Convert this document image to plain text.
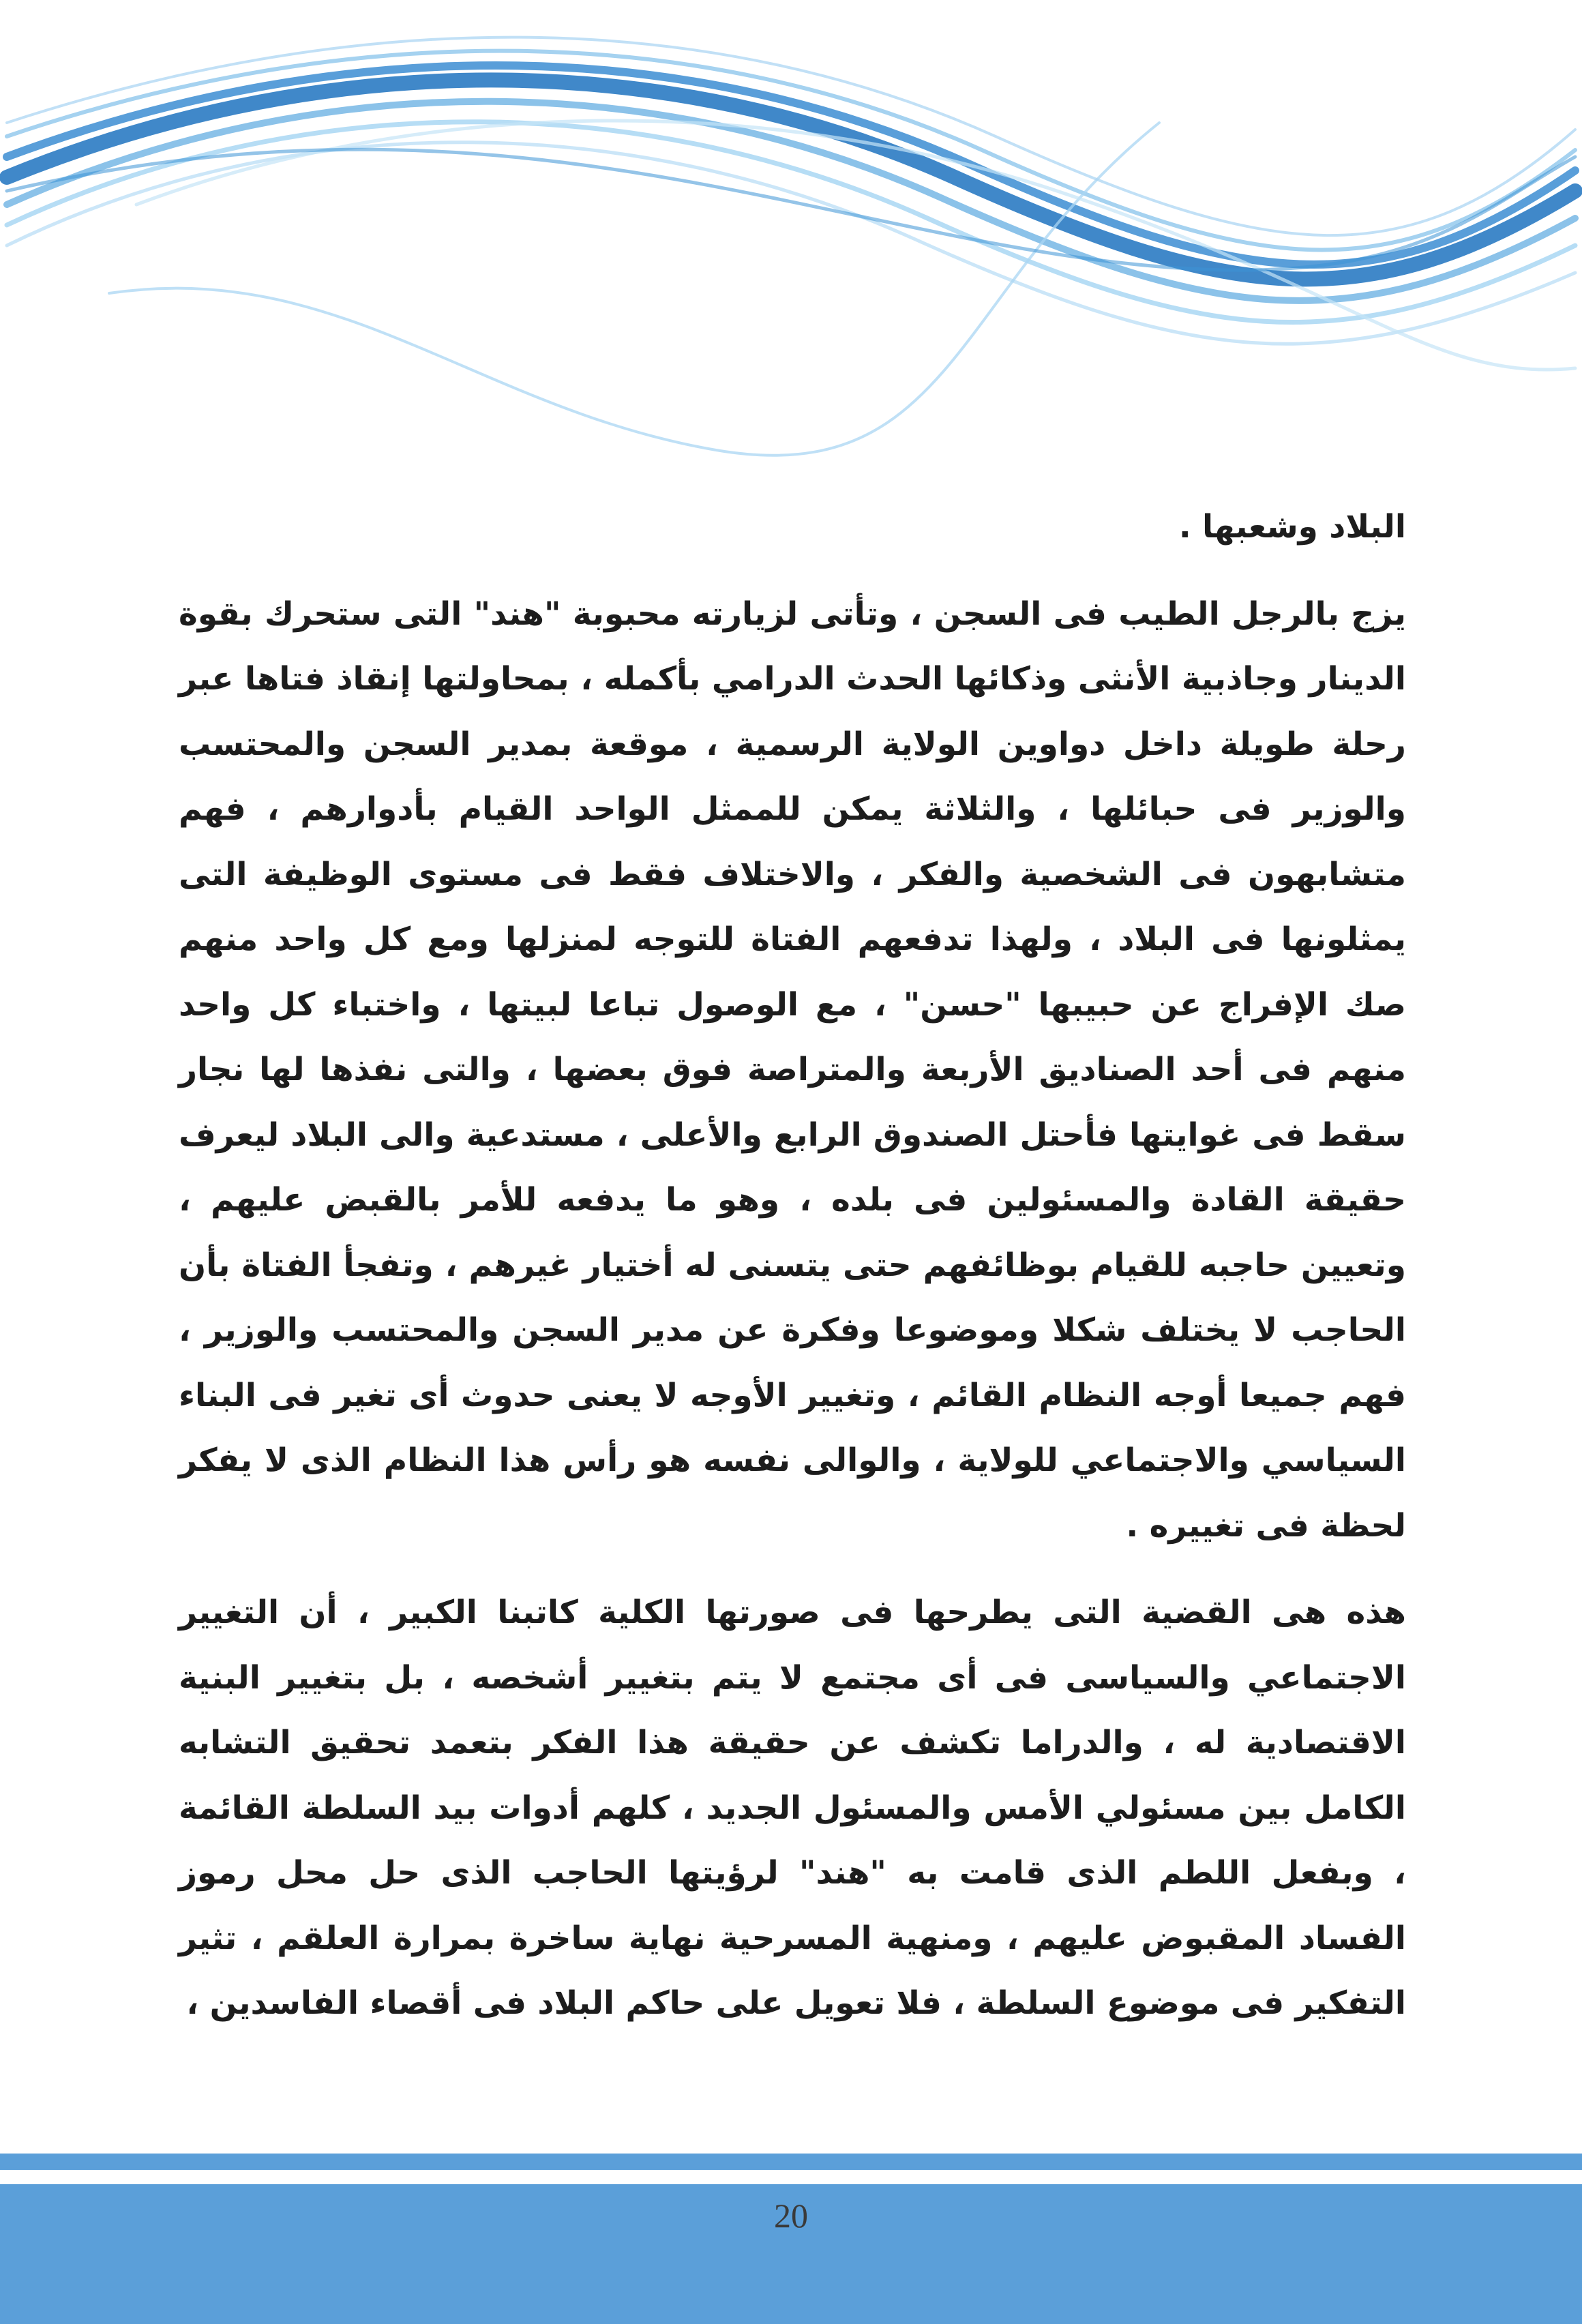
البلاد وشعبها .

يزج بالرجل الطيب فى السجن ، وتأتى لزيارته محبوبة "هند" التى ستحرك بقوة الدينار وجاذبية الأنثى وذكائها الحدث الدرامي بأكمله ، بمحاولتها إنقاذ فتاها عبر رحلة طويلة داخل دواوين الولاية الرسمية ، موقعة بمدير السجن والمحتسب والوزير فى حبائلها ، والثلاثة يمكن للممثل الواحد القيام بأدوارهم ، فهم متشابهون فى الشخصية والفكر ، والاختلاف فقط فى مستوى الوظيفة التى يمثلونها فى البلاد ، ولهذا تدفعهم الفتاة للتوجه لمنزلها ومع كل واحد منهم صك الإفراج عن حبيبها "حسن" ، مع الوصول تباعا لبيتها ، واختباء كل واحد منهم فى أحد الصناديق الأربعة والمتراصة فوق بعضها ، والتى نفذها لها نجار سقط فى غوايتها فأحتل الصندوق الرابع والأعلى ، مستدعية والى البلاد ليعرف حقيقة القادة والمسئولين فى بلده ، وهو ما يدفعه للأمر بالقبض عليهم ، وتعيين حاجبه للقيام بوظائفهم حتى يتسنى له أختيار غيرهم ، وتفجأ الفتاة بأن الحاجب لا يختلف شكلا وموضوعا وفكرة عن مدير السجن والمحتسب والوزير ، فهم جميعا أوجه النظام القائم ، وتغيير الأوجه لا يعنى حدوث أى تغير فى البناء السياسي والاجتماعي للولاية ، والوالى نفسه هو رأس هذا النظام الذى لا يفكر لحظة فى تغييره .

هذه هى القضية التى يطرحها فى صورتها الكلية كاتبنا الكبير ، أن التغيير الاجتماعي والسياسى فى أى مجتمع لا يتم بتغيير أشخصه ، بل بتغيير البنية الاقتصادية له ، والدراما تكشف عن حقيقة هذا الفكر بتعمد تحقيق التشابه الكامل بين مسئولي الأمس والمسئول الجديد ، كلهم أدوات بيد السلطة القائمة ، وبفعل اللطم الذى قامت به "هند" لرؤيتها الحاجب الذى حل محل رموز الفساد المقبوض عليهم ، ومنهية المسرحية نهاية ساخرة بمرارة العلقم ، تثير التفكير فى موضوع السلطة ، فلا تعويل على حاكم البلاد فى أقصاء الفاسدين ،

20
